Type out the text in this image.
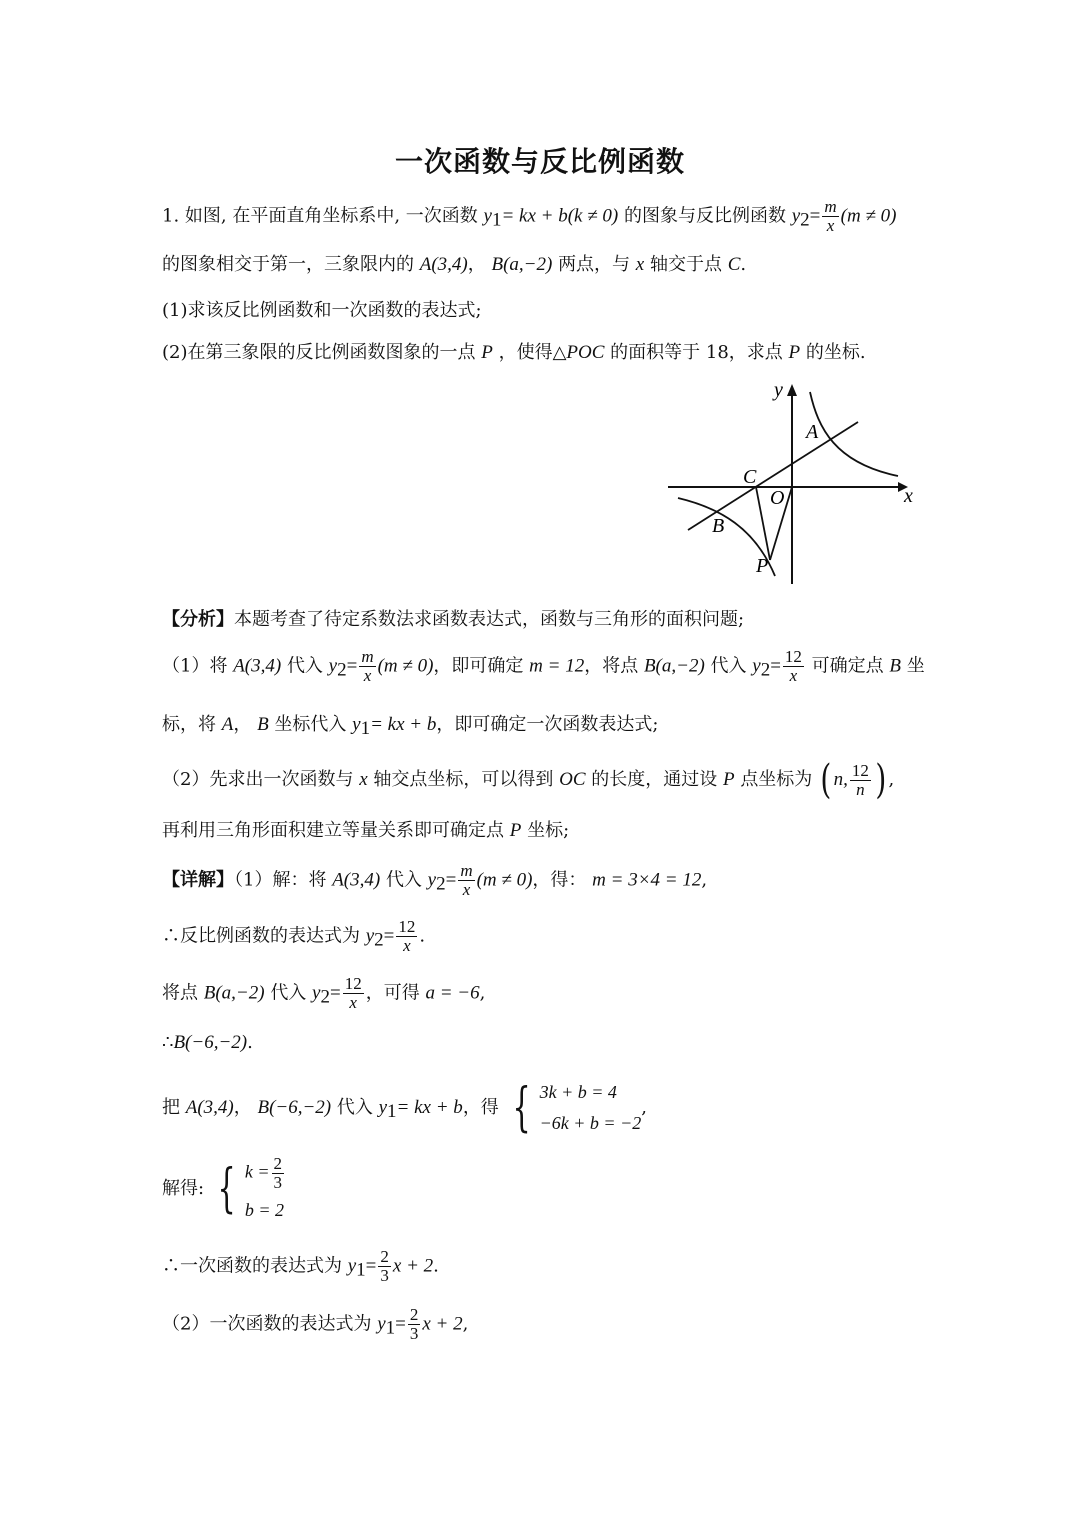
一次函数与反比例函数
1. 如图, 在平面直角坐标系中, 一次函数 $y_1=$ kx + b(k ≠ 0) 的图象与反比例函数 $y_2= \frac{m}{x} (m \ne 0)$
的图象相交于第一，三象限内的 A(3,4)， B(a,−2) 两点，与 x 轴交于点 C.
(1)求该反比例函数和一次函数的表达式;
(2)在第三象限的反比例函数图象的一点 P ，使得△POC 的面积等于 18，求点 P 的坐标.
y
x
A
C
O
B
P
【分析】本题考查了待定系数法求函数表达式，函数与三角形的面积问题;
（1）将 A(3,4) 代入 $y_2= \frac{m}{x} (m \ne 0)$，即可确定 m = 12，将点 B(a,−2) 代入 $y_2= \frac{12}{x}$ 可确定点 B 坐
标，将 A， B 坐标代入 $y_1=$ kx + b，即可确定一次函数表达式;
（2）先求出一次函数与 x 轴交点坐标，可以得到 OC 的长度，通过设 P 点坐标为 ( n, $\frac{12}{n}$ ) ,
再利用三角形面积建立等量关系即可确定点 P 坐标;
【详解】（1）解：将 A(3,4) 代入 $y_2= \frac{m}{x} (m \ne 0)$，得： m = 3×4 = 12,
∴反比例函数的表达式为 $y_2= \frac{12}{x}$ .
将点 B(a,−2) 代入 $y_2= \frac{12}{x}$ ，可得 a = −6,
∴B(−6,−2).
把 A(3,4)， B(−6,−2) 代入 $y_1=$ kx + b，得 { 3k + b = 4
−6k + b = −2
,
解得: { $k = \frac{2}{3}$
b = 2
∴一次函数的表达式为 $y_1= \frac{2}{3}$ x + 2.
（2）一次函数的表达式为 $y_1= \frac{2}{3}$ x + 2,
